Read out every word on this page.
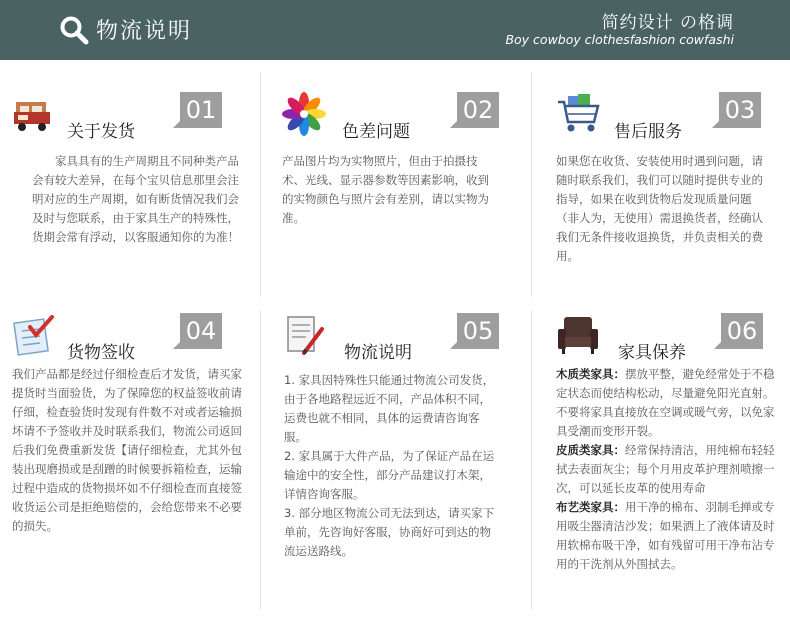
物流说明	简约设计 の格调
Boy cowboy clothesfashion cowfashi
关于发货
01

家具具有的生产周期且不同种类产品会有较大差异，在每个宝贝信息那里会注明对应的生产周期，如有断货情况我们会及时与您联系，由于家具生产的特殊性，货期会常有浮动，以客服通知你的为准！

色差问题
02

产品图片均为实物照片，但由于拍摄技术、光线、显示器参数等因素影响，收到的实物颜色与照片会有差别，请以实物为准。

售后服务
03

如果您在收货、安装使用时遇到问题，请随时联系我们，我们可以随时提供专业的指导，如果在收到货物后发现质量问题（非人为，无使用）需退换货者，经确认我们无条件接收退换货，并负责相关的费用。

货物签收
04

我们产品都是经过仔细检查后才发货，请买家提货时当面验货，为了保障您的权益签收前请仔细，检查验货时发现有件数不对或者运输损坏请不予签收并及时联系我们，物流公司返回后我们免费重新发货【请仔细检查，尤其外包装出现磨损或是刮蹭的时候要拆箱检查，运输过程中造成的货物损坏如不仔细检查而直接签收货运公司是拒绝赔偿的，会给您带来不必要的损失。

物流说明
05

1. 家具因特殊性只能通过物流公司发货，由于各地路程远近不同，产品体积不同，运费也就不相同，具体的运费请咨询客服。

2. 家具属于大件产品，为了保证产品在运输途中的安全性，部分产品建议打木架，详情咨询客服。

3. 部分地区物流公司无法到达，请买家下单前，先咨询好客服，协商好可到达的物流运送路线。

家具保养
06

木质类家具：摆放平整，避免经常处于不稳定状态而使结构松动，尽量避免阳光直射。不要将家具直接放在空调或暖气旁，以免家具受潮而变形开裂。

皮质类家具：经常保持清洁，用纯棉布轻轻拭去表面灰尘；每个月用皮革护理剂喷擦一次，可以延长皮革的使用寿命

布艺类家具：用干净的棉布、羽制毛掸或专用吸尘器清洁沙发；如果洒上了液体请及时用软棉布吸干净，如有残留可用干净布沾专用的干洗剂从外围拭去。
